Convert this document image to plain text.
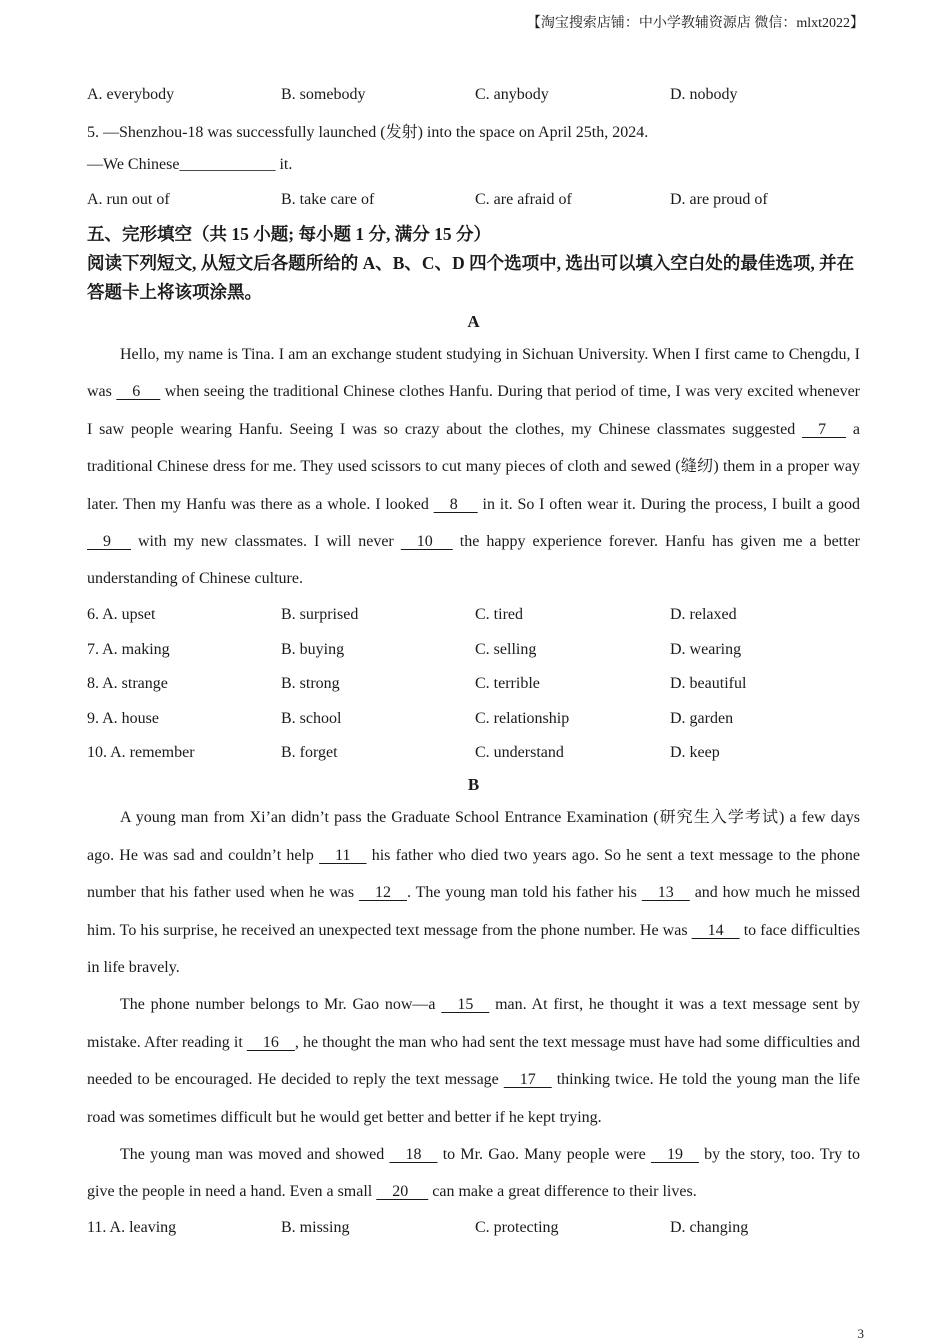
【淘宝搜索店铺：中小学教辅资源店 微信：mlxt2022】
A. everybody	B. somebody	C. anybody	D. nobody
5. —Shenzhou-18 was successfully launched (发射) into the space on April 25th, 2024.
—We Chinese ____________ it.
A. run out of	B. take care of	C. are afraid of	D. are proud of
五、完形填空（共 15 小题; 每小题 1 分, 满分 15 分）
阅读下列短文, 从短文后各题所给的 A、B、C、D 四个选项中, 选出可以填入空白处的最佳选项, 并在答题卡上将该项涂黑。
A
Hello, my name is Tina. I am an exchange student studying in Sichuan University. When I first came to Chengdu, I was     6      when seeing the traditional Chinese clothes Hanfu. During that period of time, I was very excited whenever I saw people wearing Hanfu. Seeing I was so crazy about the clothes, my Chinese classmates suggested     7      a traditional Chinese dress for me. They used scissors to cut many pieces of cloth and sewed (缝纫) them in a proper way later. Then my Hanfu was there as a whole. I looked     8      in it. So I often wear it. During the process, I built a good     9      with my new classmates. I will never     10      the happy experience forever. Hanfu has given me a better understanding of Chinese culture.
6. A. upset	B. surprised	C. tired	D. relaxed
7. A. making	B. buying	C. selling	D. wearing
8. A. strange	B. strong	C. terrible	D. beautiful
9. A. house	B. school	C. relationship	D. garden
10. A. remember	B. forget	C. understand	D. keep
B
A young man from Xi’an didn’t pass the Graduate School Entrance Examination (研究生入学考试) a few days ago. He was sad and couldn’t help     11     his father who died two years ago. So he sent a text message to the phone number that his father used when he was     12    . The young man told his father his     13     and how much he missed him. To his surprise, he received an unexpected text message from the phone number. He was     14     to face difficulties in life bravely.
The phone number belongs to Mr. Gao now—a     15     man. At first, he thought it was a text message sent by mistake. After reading it     16    , he thought the man who had sent the text message must have had some difficulties and needed to be encouraged. He decided to reply the text message     17     thinking twice. He told the young man the life road was sometimes difficult but he would get better and better if he kept trying.
The young man was moved and showed     18     to Mr. Gao. Many people were     19     by the story, too. Try to give the people in need a hand. Even a small     20      can make a great difference to their lives.
11. A. leaving	B. missing	C. protecting	D. changing
3
